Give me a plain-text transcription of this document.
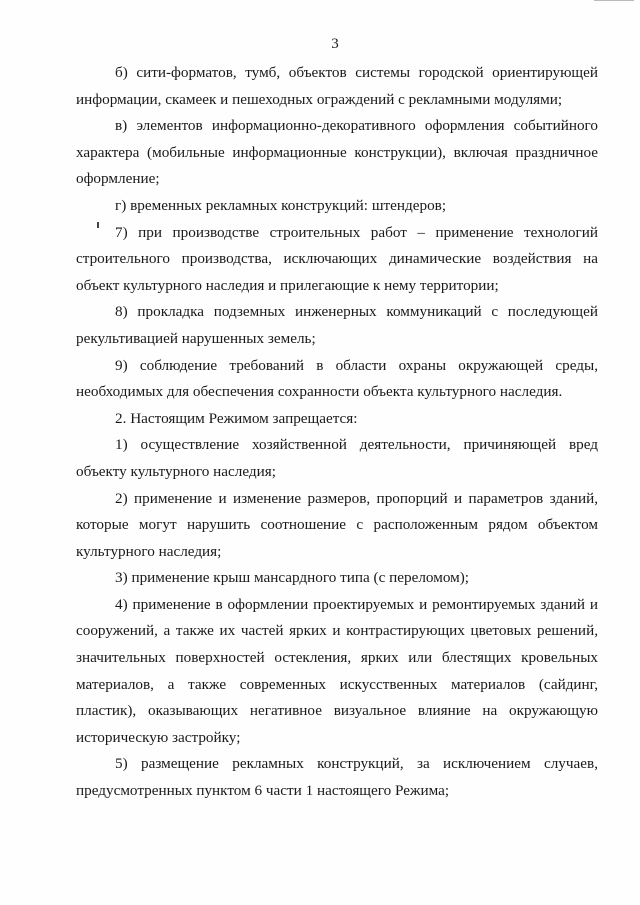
3

б) сити-форматов, тумб, объектов системы городской ориентирующей информации, скамеек и пешеходных ограждений с рекламными модулями;

в) элементов информационно-декоративного оформления событийного характера (мобильные информационные конструкции), включая праздничное оформление;

г) временных рекламных конструкций: штендеров;

7) при производстве строительных работ – применение технологий строительного производства, исключающих динамические воздействия на объект культурного наследия и прилегающие к нему территории;

8) прокладка подземных инженерных коммуникаций с последующей рекультивацией нарушенных земель;

9) соблюдение требований в области охраны окружающей среды, необходимых для обеспечения сохранности объекта культурного наследия.

2. Настоящим Режимом запрещается:

1) осуществление хозяйственной деятельности, причиняющей вред объекту культурного наследия;

2) применение и изменение размеров, пропорций и параметров зданий, которые могут нарушить соотношение с расположенным рядом объектом культурного наследия;

3) применение крыш мансардного типа (с переломом);

4) применение в оформлении проектируемых и ремонтируемых зданий и сооружений, а также их частей ярких и контрастирующих цветовых решений, значительных поверхностей остекления, ярких или блестящих кровельных материалов, а также современных искусственных материалов (сайдинг, пластик), оказывающих негативное визуальное влияние на окружающую историческую застройку;

5) размещение рекламных конструкций, за исключением случаев, предусмотренных пунктом 6 части 1 настоящего Режима;
